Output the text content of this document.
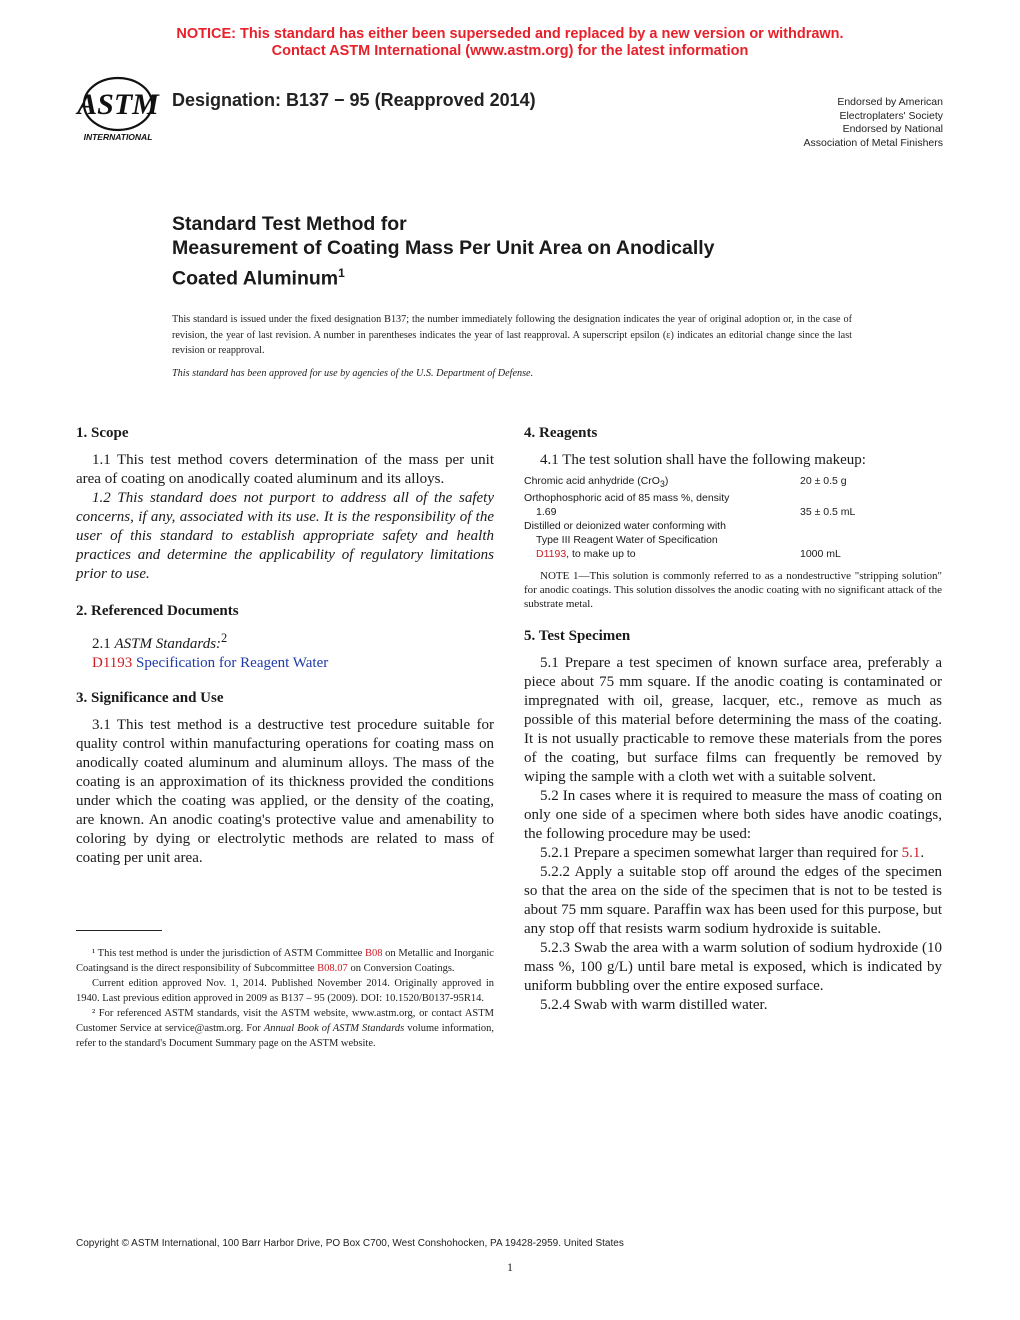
NOTICE: This standard has either been superseded and replaced by a new version or withdrawn.
Contact ASTM International (www.astm.org) for the latest information
ASTM
INTERNATIONAL
Designation: B137 − 95 (Reapproved 2014)	Endorsed by American
Electroplaters' Society
Endorsed by National
Association of Metal Finishers
Standard Test Method for
Measurement of Coating Mass Per Unit Area on Anodically
Coated Aluminum$^1$
This standard is issued under the fixed designation B137; the number immediately following the designation indicates the year of original adoption or, in the case of revision, the year of last revision. A number in parentheses indicates the year of last reapproval. A superscript epsilon (ε) indicates an editorial change since the last revision or reapproval.
This standard has been approved for use by agencies of the U.S. Department of Defense.
1. Scope

1.1 This test method covers determination of the mass per unit area of coating on anodically coated aluminum and its alloys.

1.2 This standard does not purport to address all of the safety concerns, if any, associated with its use. It is the responsibility of the user of this standard to establish appropriate safety and health practices and determine the applicability of regulatory limitations prior to use.

2. Referenced Documents

2.1 ASTM Standards:$^2$

D1193 Specification for Reagent Water

3. Significance and Use

3.1 This test method is a destructive test procedure suitable for quality control within manufacturing operations for coating mass on anodically coated aluminum and aluminum alloys. The mass of the coating is an approximation of its thickness provided the conditions under which the coating was applied, or the density of the coating, are known. An anodic coating's protective value and amenability to coloring by dying or electrolytic methods are related to mass of coating per unit area.

¹ This test method is under the jurisdiction of ASTM Committee B08 on Metallic and Inorganic Coatingsand is the direct responsibility of Subcommittee B08.07 on Conversion Coatings.

Current edition approved Nov. 1, 2014. Published November 2014. Originally approved in 1940. Last previous edition approved in 2009 as B137 – 95 (2009). DOI: 10.1520/B0137-95R14.

² For referenced ASTM standards, visit the ASTM website, www.astm.org, or contact ASTM Customer Service at service@astm.org. For Annual Book of ASTM Standards volume information, refer to the standard's Document Summary page on the ASTM website.

4. Reagents

4.1 The test solution shall have the following makeup:

Chromic acid anhydride (CrO$_3$)	20 ± 0.5 g
Orthophosphoric acid of 85 mass %, density	
1.69	35 ± 0.5 mL
Distilled or deionized water conforming with	
Type III Reagent Water of Specification	
D1193, to make up to	1000 mL

NOTE 1—This solution is commonly referred to as a nondestructive "stripping solution" for anodic coatings. This solution dissolves the anodic coating with no significant attack of the substrate metal.

5. Test Specimen

5.1 Prepare a test specimen of known surface area, preferably a piece about 75 mm square. If the anodic coating is contaminated or impregnated with oil, grease, lacquer, etc., remove as much as possible of this material before determining the mass of the coating. It is not usually practicable to remove these materials from the pores of the coating, but surface films can frequently be removed by wiping the sample with a cloth wet with a suitable solvent.

5.2 In cases where it is required to measure the mass of coating on only one side of a specimen where both sides have anodic coatings, the following procedure may be used:

5.2.1 Prepare a specimen somewhat larger than required for 5.1.

5.2.2 Apply a suitable stop off around the edges of the specimen so that the area on the side of the specimen that is not to be tested is about 75 mm square. Paraffin wax has been used for this purpose, but any stop off that resists warm sodium hydroxide is suitable.

5.2.3 Swab the area with a warm solution of sodium hydroxide (10 mass %, 100 g/L) until bare metal is exposed, which is indicated by uniform bubbling over the entire exposed surface.

5.2.4 Swab with warm distilled water.

Copyright © ASTM International, 100 Barr Harbor Drive, PO Box C700, West Conshohocken, PA 19428-2959. United States
1
